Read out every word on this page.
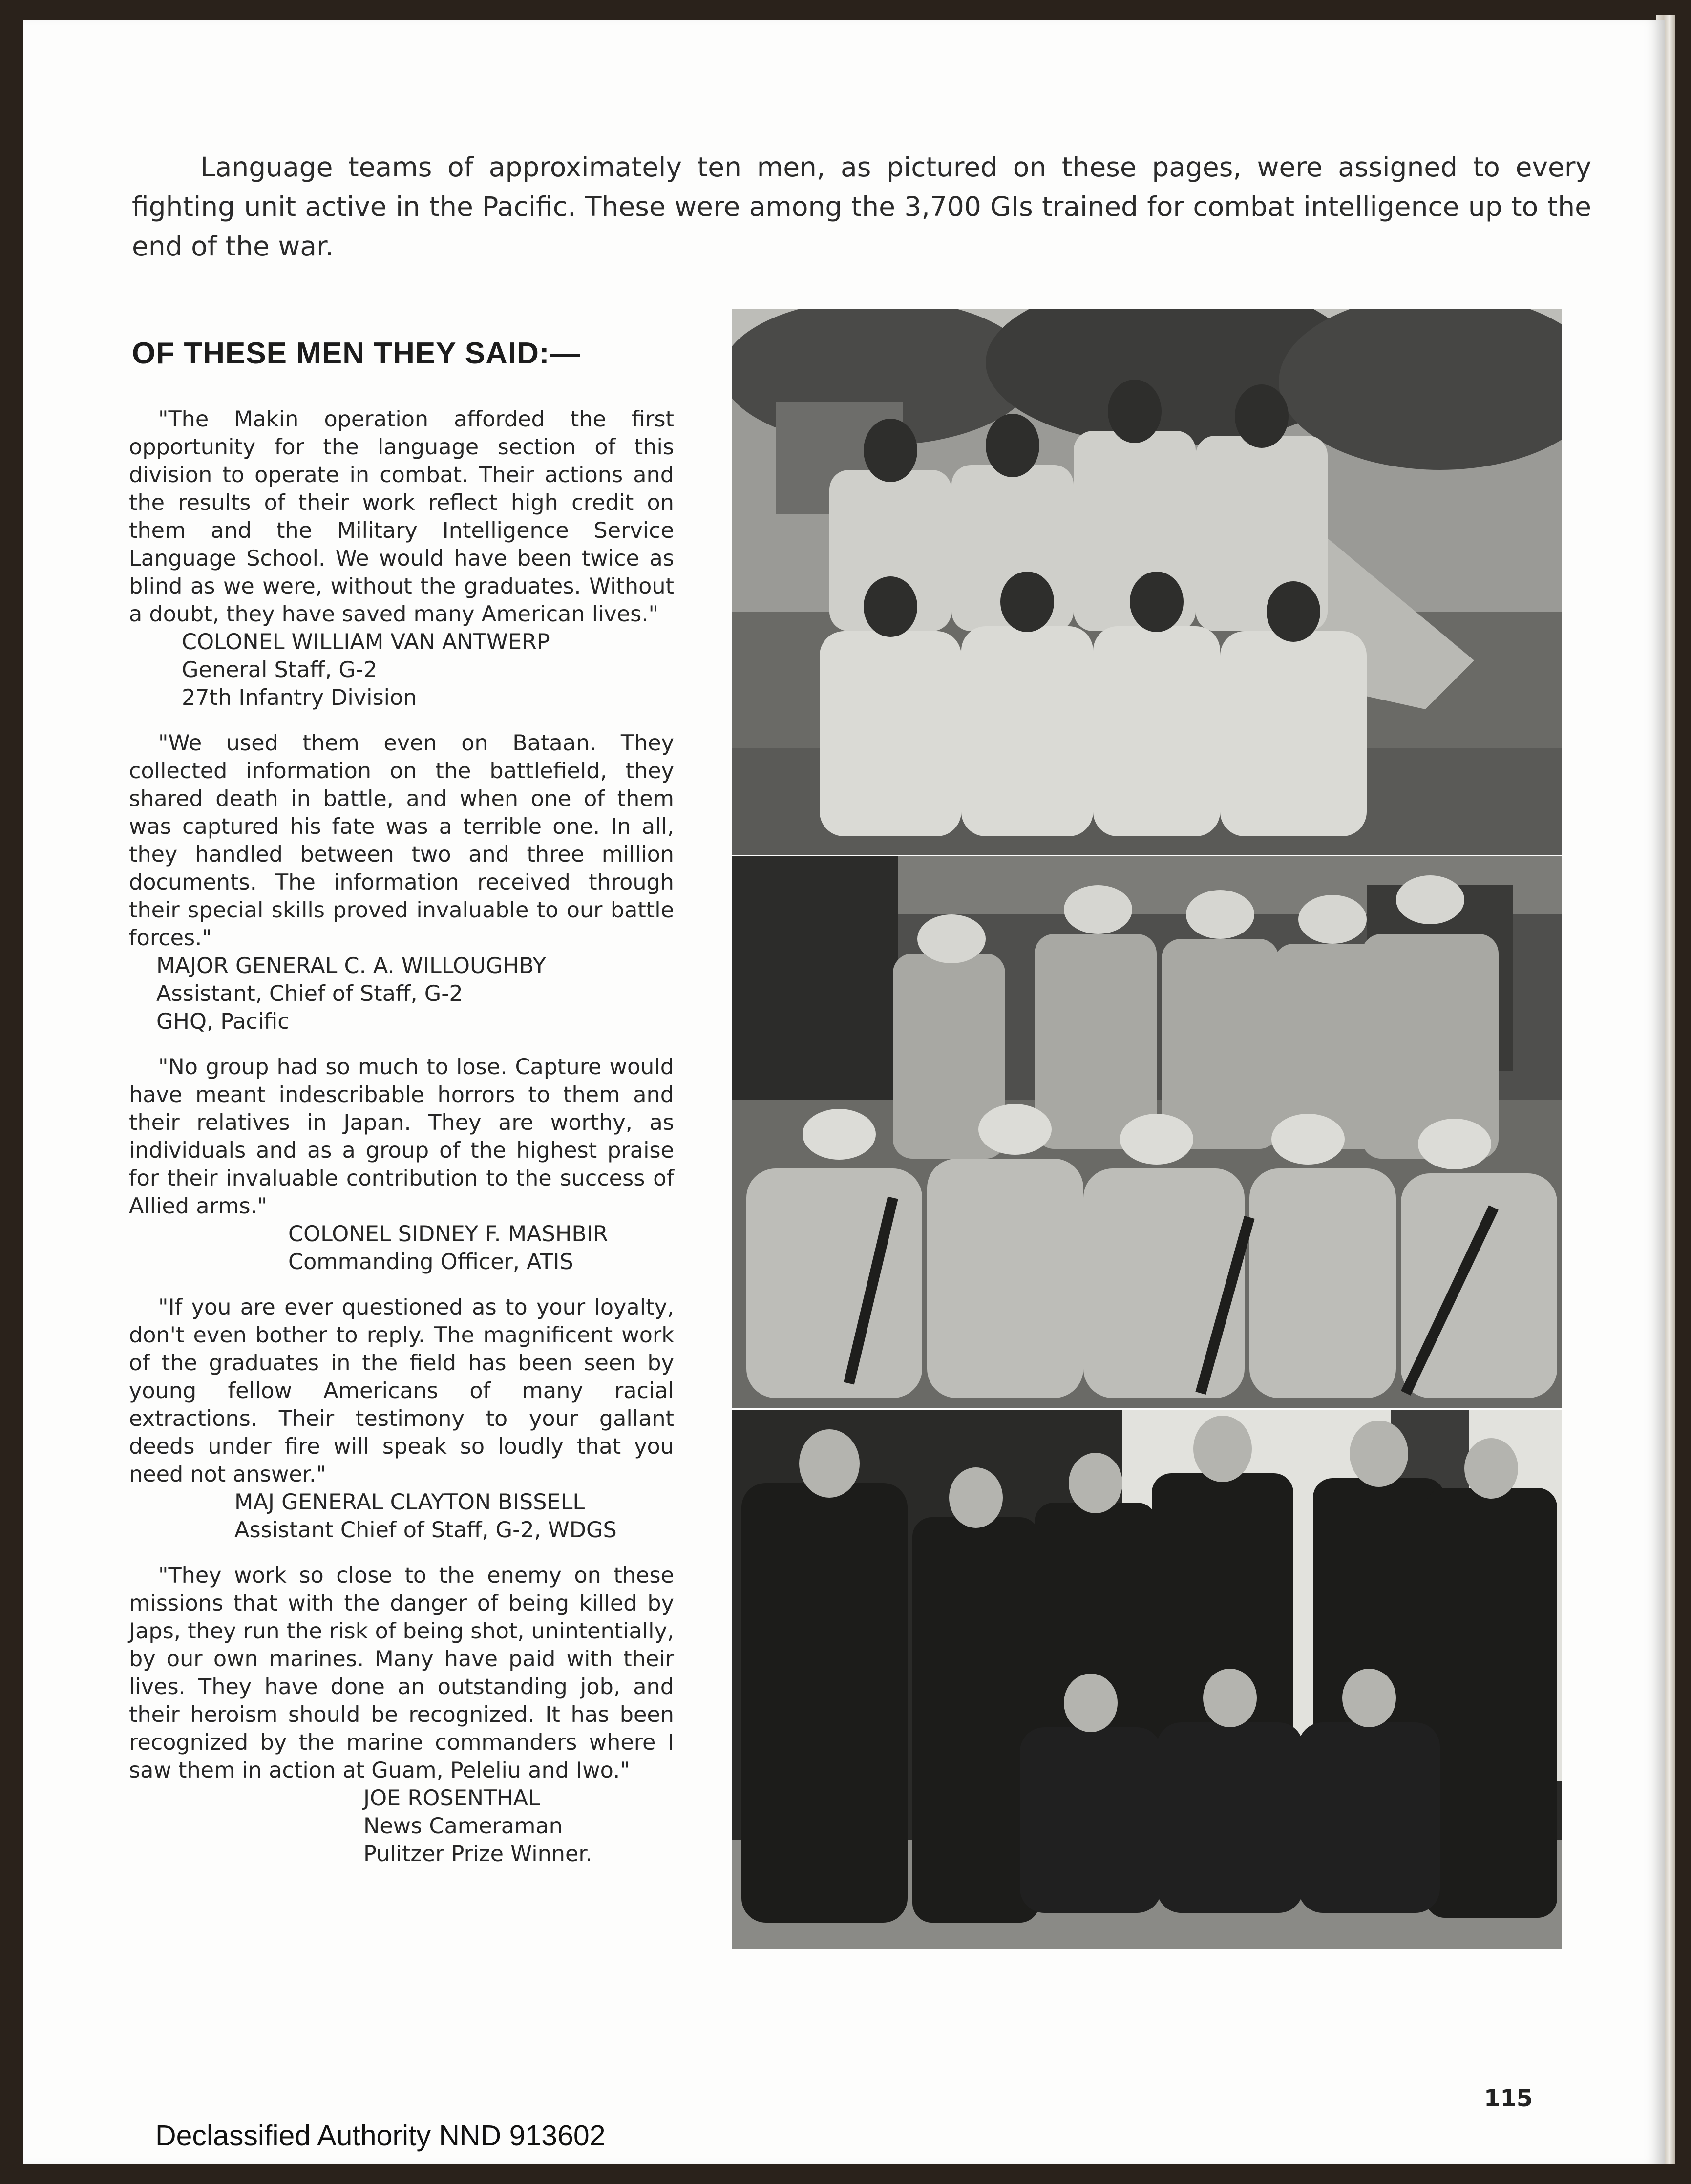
Language teams of approximately ten men, as pictured on these pages, were assigned to every fighting unit active in the Pacific. These were among the 3,700 GIs trained for combat intelligence up to the end of the war.

OF THESE MEN THEY SAID:—

"The Makin operation afforded the first opportunity for the language section of this division to operate in combat. Their actions and the results of their work reflect high credit on them and the Military Intelligence Service Language School. We would have been twice as blind as we were, without the graduates. Without a doubt, they have saved many American lives."

COLONEL WILLIAM VAN ANTWERP
General Staff, G-2
27th Infantry Division

"We used them even on Bataan. They collected information on the battlefield, they shared death in battle, and when one of them was captured his fate was a terrible one. In all, they handled between two and three million documents. The information received through their special skills proved invaluable to our battle forces."

MAJOR GENERAL C. A. WILLOUGHBY
Assistant, Chief of Staff, G-2
GHQ, Pacific

"No group had so much to lose. Capture would have meant indescribable horrors to them and their relatives in Japan. They are worthy, as individuals and as a group of the highest praise for their invaluable contribution to the success of Allied arms."

COLONEL SIDNEY F. MASHBIR
Commanding Officer, ATIS

"If you are ever questioned as to your loyalty, don't even bother to reply. The magnificent work of the graduates in the field has been seen by young fellow Americans of many racial extractions. Their testimony to your gallant deeds under fire will speak so loudly that you need not answer."

MAJ GENERAL CLAYTON BISSELL
Assistant Chief of Staff, G-2, WDGS

"They work so close to the enemy on these missions that with the danger of being killed by Japs, they run the risk of being shot, unintentially, by our own marines. Many have paid with their lives. They have done an outstanding job, and their heroism should be recognized. It has been recognized by the marine commanders where I saw them in action at Guam, Peleliu and Iwo."

JOE ROSENTHAL
News Cameraman
Pulitzer Prize Winner.

115

Declassified Authority NND 913602
